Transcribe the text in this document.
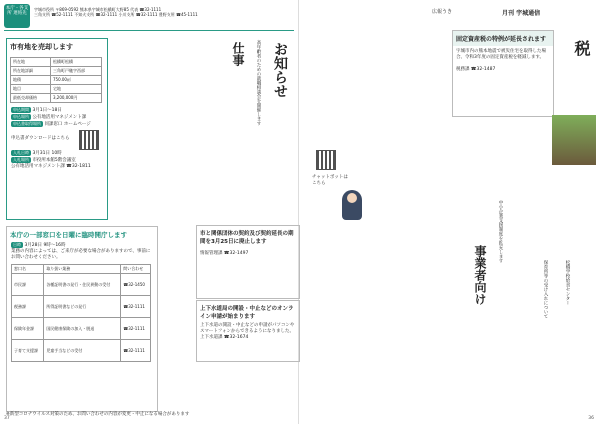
本庁・各支所 連絡先
宇城市役所 〒869-0592 熊本県宇城市松橋町大野85 代表 ☎32-1111
三角支所 ☎52-1111 不知火支所 ☎32-1111 小川支所 ☎32-1111 豊野支所 ☎45-1111
市有地を売却します
所在地	松橋町松橋
所在地詳細	三角町戸馳字西部
地積	750.00㎡
地目	宅地
最低売却価格	3,200,000円
申込期間 3月1日～18日
申込場所 公有地活用マネジメント課
申込書取得場所 同課窓口 ホームページ
申込書ダウンロードはこちら
入札日時 3月31日 10時
入札場所 市役所本館5階会議室
公有地活用マネジメント課 ☎32-1811
お知らせ
高年齢者のための就職相談会を開催します
仕事
本庁の一部窓口を日曜に臨時開庁します
日時 3月28日 9時～16時
業務の内容によっては、ご来庁が必要な場合がありますので、事前にお問い合わせください。
窓口名	取り扱い業務	問い合わせ
市民課	各種証明書の発行・住民異動の受付	☎32-1450
税務課	所得証明書などの発行	☎32-1111
保険年金課	国民健康保険の加入・脱退	☎32-1111
子育て支援課	児童手当などの受付	☎32-1111
※新型コロナウイルス対策のため、お問い合わせの内容が変更・中止になる場合があります
37
広報うき	月刊 宇城通信
税
固定資産税の特例が延長されます
宇城市内の熊本地震で被災住宅を取得した場合、令和3年度の固定資産税を軽減します。
税務課 ☎32-1487
チャットボットはこちら
事業者向け
中小企業支援制度を拡充します
松橋学校給食センター
保育所等の受け入れについて
市と関係団体の契約及び契約延長の期間を3月25日に廃止します
情報管理課 ☎32-1497
上下水道局の開設・中止などのオンライン申請が始まります
上下水道の開設・中止などの申請がパソコンやスマートフォンからできるようになりました。
上下水道課 ☎32-1674
36
